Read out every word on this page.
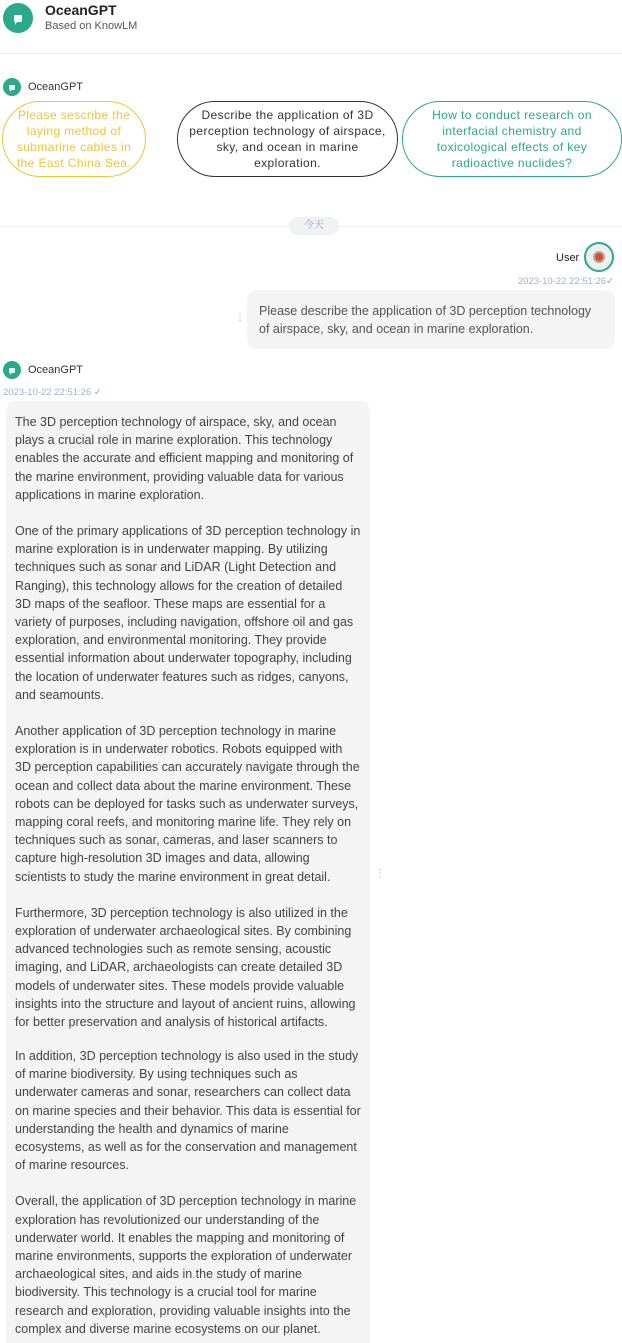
OceanGPT
Based on KnowLM
OceanGPT
Please sescribe the laying method of submarine cables in the East China Sea.
Describe the application of 3D perception technology of airspace, sky, and ocean in marine exploration.
How to conduct research on interfacial chemistry and toxicological effects of key radioactive nuclides?
今天
User
2023-10-22 22:51:26✓
⋮	Please describe the application of 3D perception technology of airspace, sky, and ocean in marine exploration.
OceanGPT
2023-10-22 22:51:26 ✓

The 3D perception technology of airspace, sky, and ocean plays a crucial role in marine exploration. This technology enables the accurate and efficient mapping and monitoring of the marine environment, providing valuable data for various applications in marine exploration.

One of the primary applications of 3D perception technology in marine exploration is in underwater mapping. By utilizing techniques such as sonar and LiDAR (Light Detection and Ranging), this technology allows for the creation of detailed 3D maps of the seafloor. These maps are essential for a variety of purposes, including navigation, offshore oil and gas exploration, and environmental monitoring. They provide essential information about underwater topography, including the location of underwater features such as ridges, canyons, and seamounts.

Another application of 3D perception technology in marine exploration is in underwater robotics. Robots equipped with 3D perception capabilities can accurately navigate through the ocean and collect data about the marine environment. These robots can be deployed for tasks such as underwater surveys, mapping coral reefs, and monitoring marine life. They rely on techniques such as sonar, cameras, and laser scanners to capture high-resolution 3D images and data, allowing scientists to study the marine environment in great detail.

Furthermore, 3D perception technology is also utilized in the exploration of underwater archaeological sites. By combining advanced technologies such as remote sensing, acoustic imaging, and LiDAR, archaeologists can create detailed 3D models of underwater sites. These models provide valuable insights into the structure and layout of ancient ruins, allowing for better preservation and analysis of historical artifacts.

⋮

In addition, 3D perception technology is also used in the study of marine biodiversity. By using techniques such as underwater cameras and sonar, researchers can collect data on marine species and their behavior. This data is essential for understanding the health and dynamics of marine ecosystems, as well as for the conservation and management of marine resources.

Overall, the application of 3D perception technology in marine exploration has revolutionized our understanding of the underwater world. It enables the mapping and monitoring of marine environments, supports the exploration of underwater archaeological sites, and aids in the study of marine biodiversity. This technology is a crucial tool for marine research and exploration, providing valuable insights into the complex and diverse marine ecosystems on our planet.
